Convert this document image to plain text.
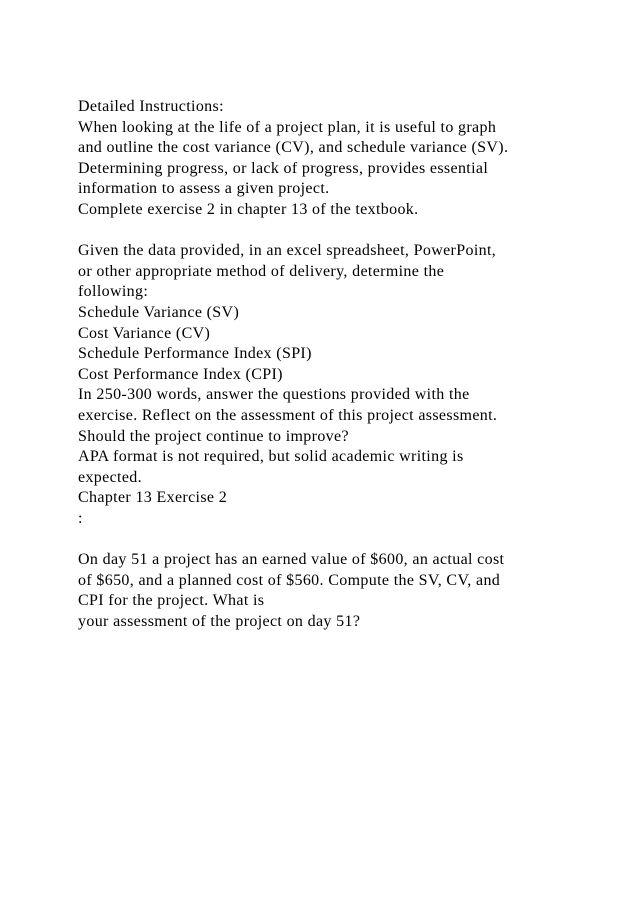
Detailed Instructions:
When looking at the life of a project plan, it is useful to graph
and outline the cost variance (CV), and schedule variance (SV).
Determining progress, or lack of progress, provides essential
information to assess a given project.
Complete exercise 2 in chapter 13 of the textbook.
Given the data provided, in an excel spreadsheet, PowerPoint,
or other appropriate method of delivery, determine the
following:
Schedule Variance (SV)
Cost Variance (CV)
Schedule Performance Index (SPI)
Cost Performance Index (CPI)
In 250-300 words, answer the questions provided with the
exercise. Reflect on the assessment of this project assessment.
Should the project continue to improve?
APA format is not required, but solid academic writing is
expected.
Chapter 13 Exercise 2
:
On day 51 a project has an earned value of $600, an actual cost
of $650, and a planned cost of $560. Compute the SV, CV, and
CPI for the project. What is
your assessment of the project on day 51?
